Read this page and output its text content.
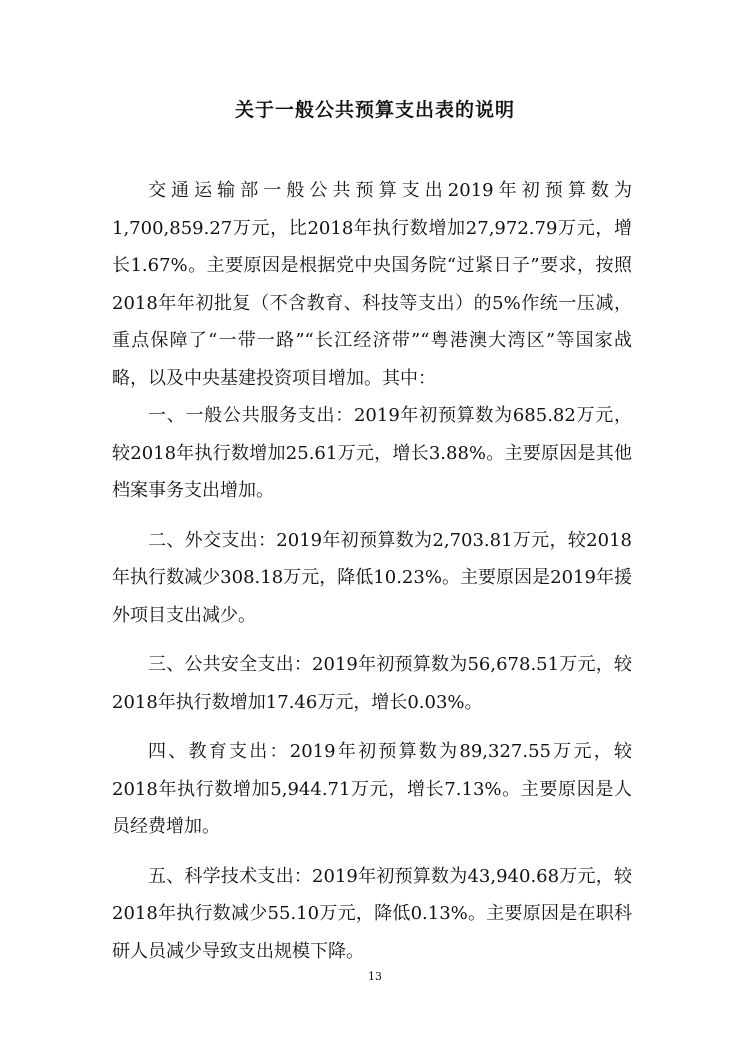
关于一般公共预算支出表的说明

交通运输部一般公共预算支出2019年初预算数为1,700,859.27万元，比2018年执行数增加27,972.79万元，增长1.67%。主要原因是根据党中央国务院“过紧日子”要求，按照2018年年初批复（不含教育、科技等支出）的5%作统一压减，重点保障了“一带一路”“长江经济带”“粤港澳大湾区”等国家战略，以及中央基建投资项目增加。其中：

一、一般公共服务支出：2019年初预算数为685.82万元，较2018年执行数增加25.61万元，增长3.88%。主要原因是其他档案事务支出增加。

二、外交支出：2019年初预算数为2,703.81万元，较2018年执行数减少308.18万元，降低10.23%。主要原因是2019年援外项目支出减少。

三、公共安全支出：2019年初预算数为56,678.51万元，较2018年执行数增加17.46万元，增长0.03%。

四、教育支出：2019年初预算数为89,327.55万元，较2018年执行数增加5,944.71万元，增长7.13%。主要原因是人员经费增加。

五、科学技术支出：2019年初预算数为43,940.68万元，较2018年执行数减少55.10万元，降低0.13%。主要原因是在职科研人员减少导致支出规模下降。

13
